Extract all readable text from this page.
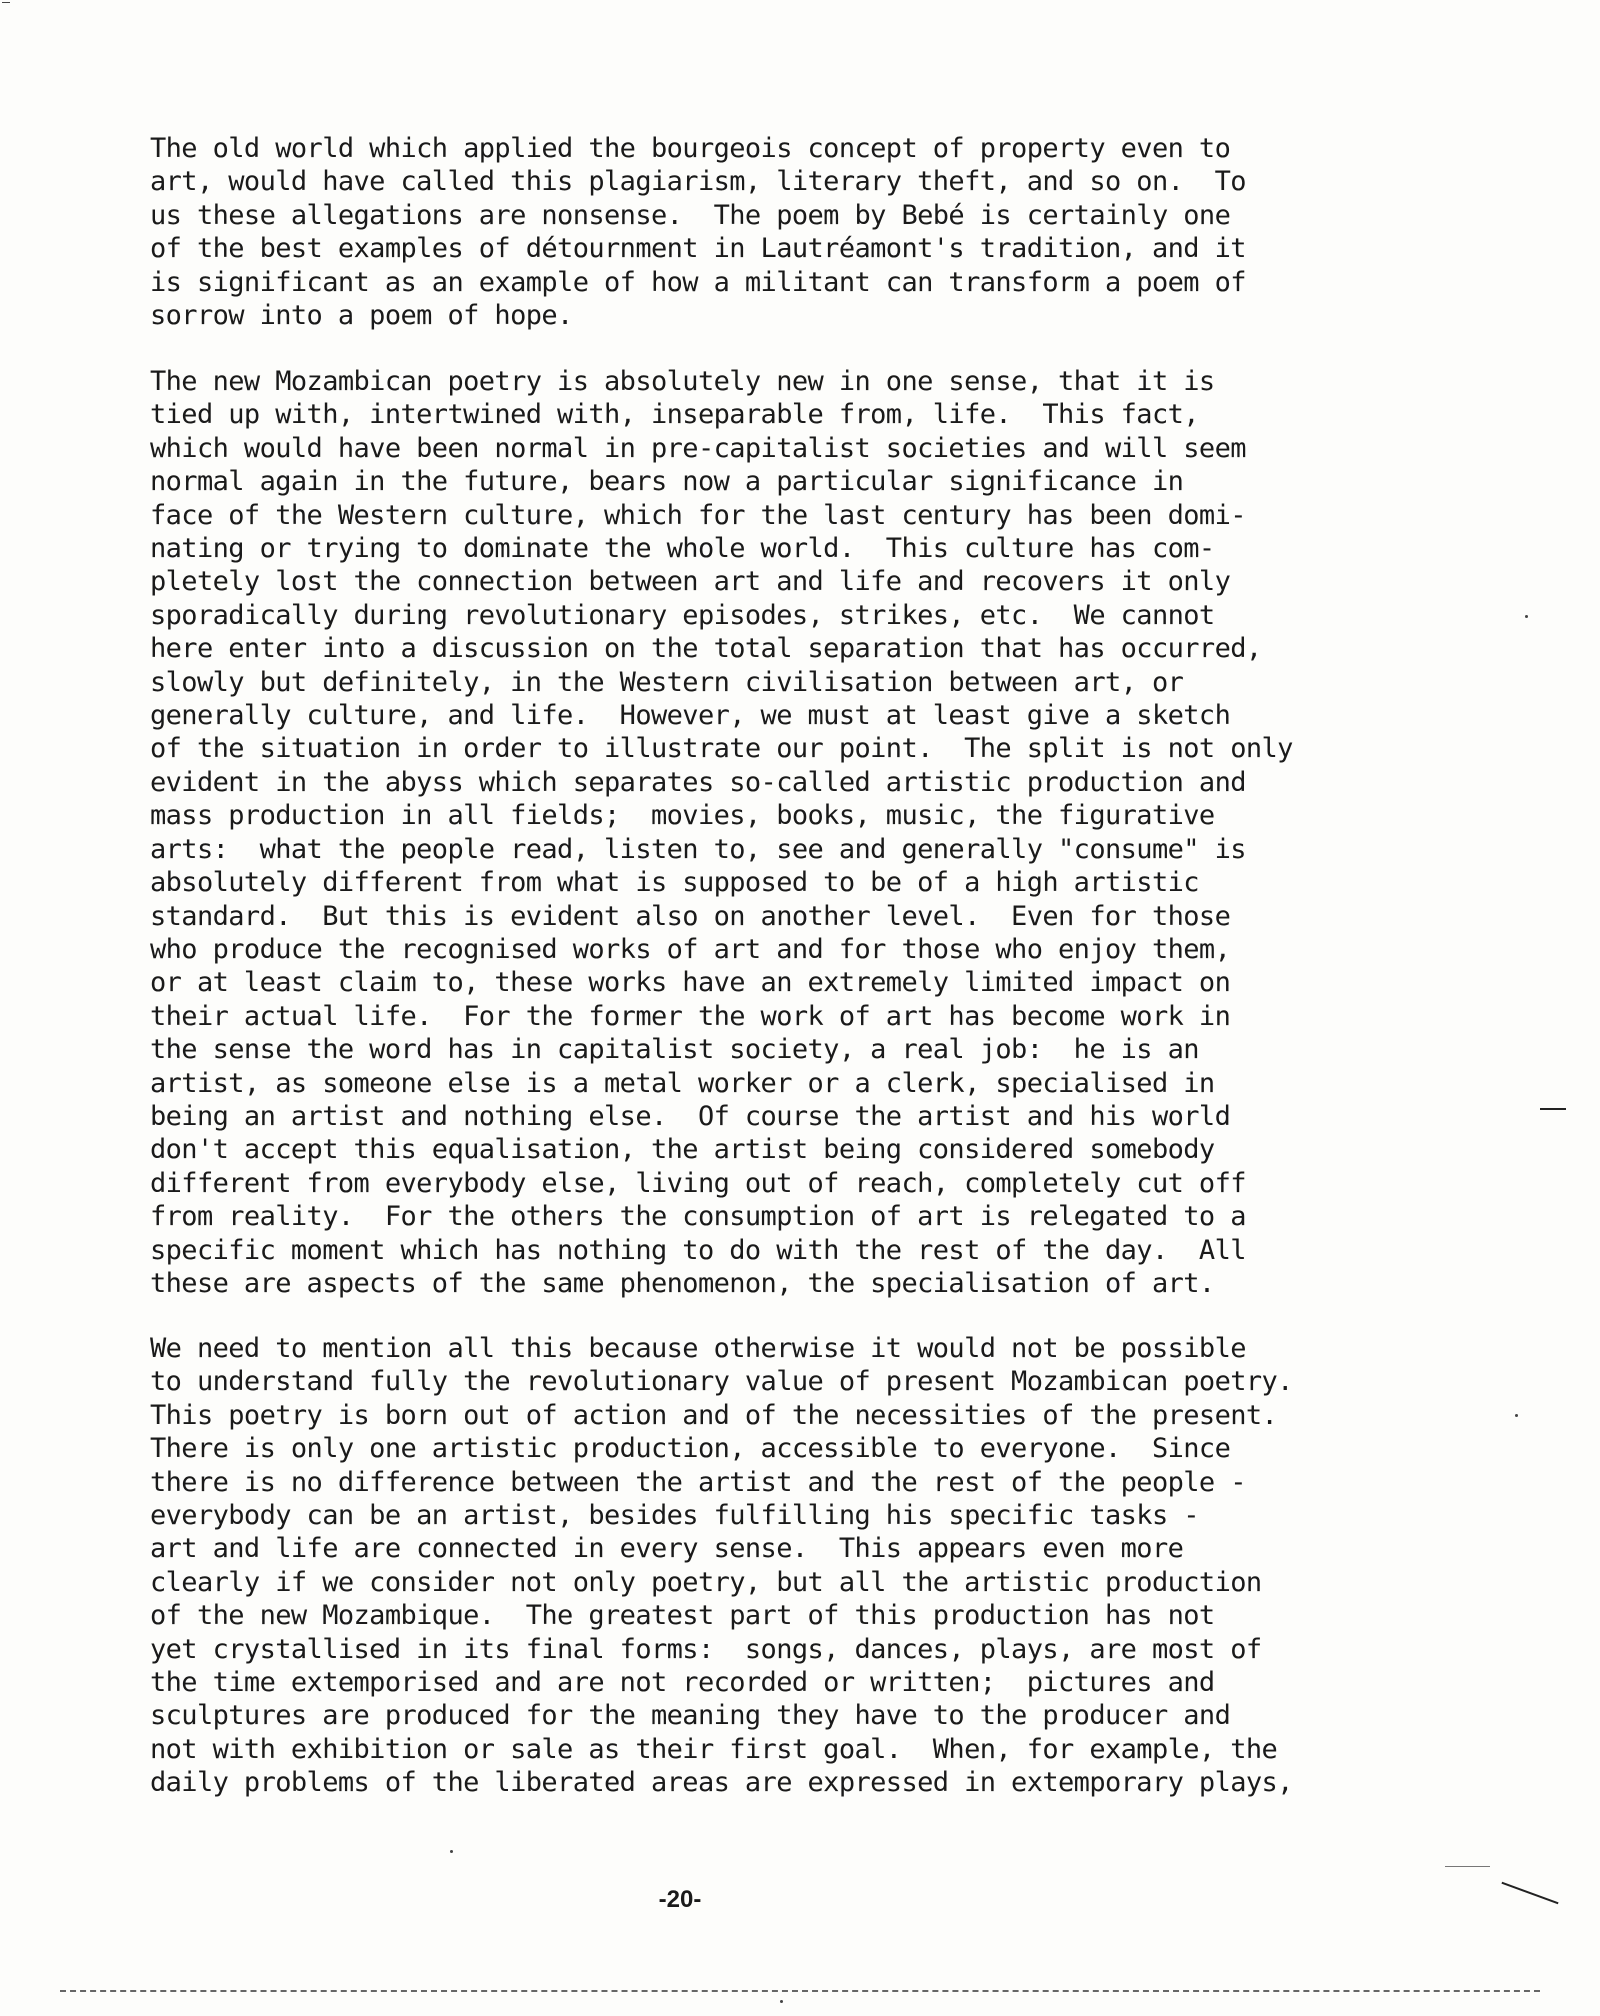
The old world which applied the bourgeois concept of property even to
art, would have called this plagiarism, literary theft, and so on.  To
us these allegations are nonsense.  The poem by Bebé is certainly one
of the best examples of détournment in Lautréamont's tradition, and it
is significant as an example of how a militant can transform a poem of
sorrow into a poem of hope.

The new Mozambican poetry is absolutely new in one sense, that it is
tied up with, intertwined with, inseparable from, life.  This fact,
which would have been normal in pre-capitalist societies and will seem
normal again in the future, bears now a particular significance in
face of the Western culture, which for the last century has been domi-
nating or trying to dominate the whole world.  This culture has com-
pletely lost the connection between art and life and recovers it only
sporadically during revolutionary episodes, strikes, etc.  We cannot
here enter into a discussion on the total separation that has occurred,
slowly but definitely, in the Western civilisation between art, or
generally culture, and life.  However, we must at least give a sketch
of the situation in order to illustrate our point.  The split is not only
evident in the abyss which separates so-called artistic production and
mass production in all fields;  movies, books, music, the figurative
arts:  what the people read, listen to, see and generally "consume" is
absolutely different from what is supposed to be of a high artistic
standard.  But this is evident also on another level.  Even for those
who produce the recognised works of art and for those who enjoy them,
or at least claim to, these works have an extremely limited impact on
their actual life.  For the former the work of art has become work in
the sense the word has in capitalist society, a real job:  he is an
artist, as someone else is a metal worker or a clerk, specialised in
being an artist and nothing else.  Of course the artist and his world
don't accept this equalisation, the artist being considered somebody
different from everybody else, living out of reach, completely cut off
from reality.  For the others the consumption of art is relegated to a
specific moment which has nothing to do with the rest of the day.  All
these are aspects of the same phenomenon, the specialisation of art.

We need to mention all this because otherwise it would not be possible
to understand fully the revolutionary value of present Mozambican poetry.
This poetry is born out of action and of the necessities of the present.
There is only one artistic production, accessible to everyone.  Since
there is no difference between the artist and the rest of the people -
everybody can be an artist, besides fulfilling his specific tasks -
art and life are connected in every sense.  This appears even more
clearly if we consider not only poetry, but all the artistic production
of the new Mozambique.  The greatest part of this production has not
yet crystallised in its final forms:  songs, dances, plays, are most of
the time extemporised and are not recorded or written;  pictures and
sculptures are produced for the meaning they have to the producer and
not with exhibition or sale as their first goal.  When, for example, the
daily problems of the liberated areas are expressed in extemporary plays,

-20-
